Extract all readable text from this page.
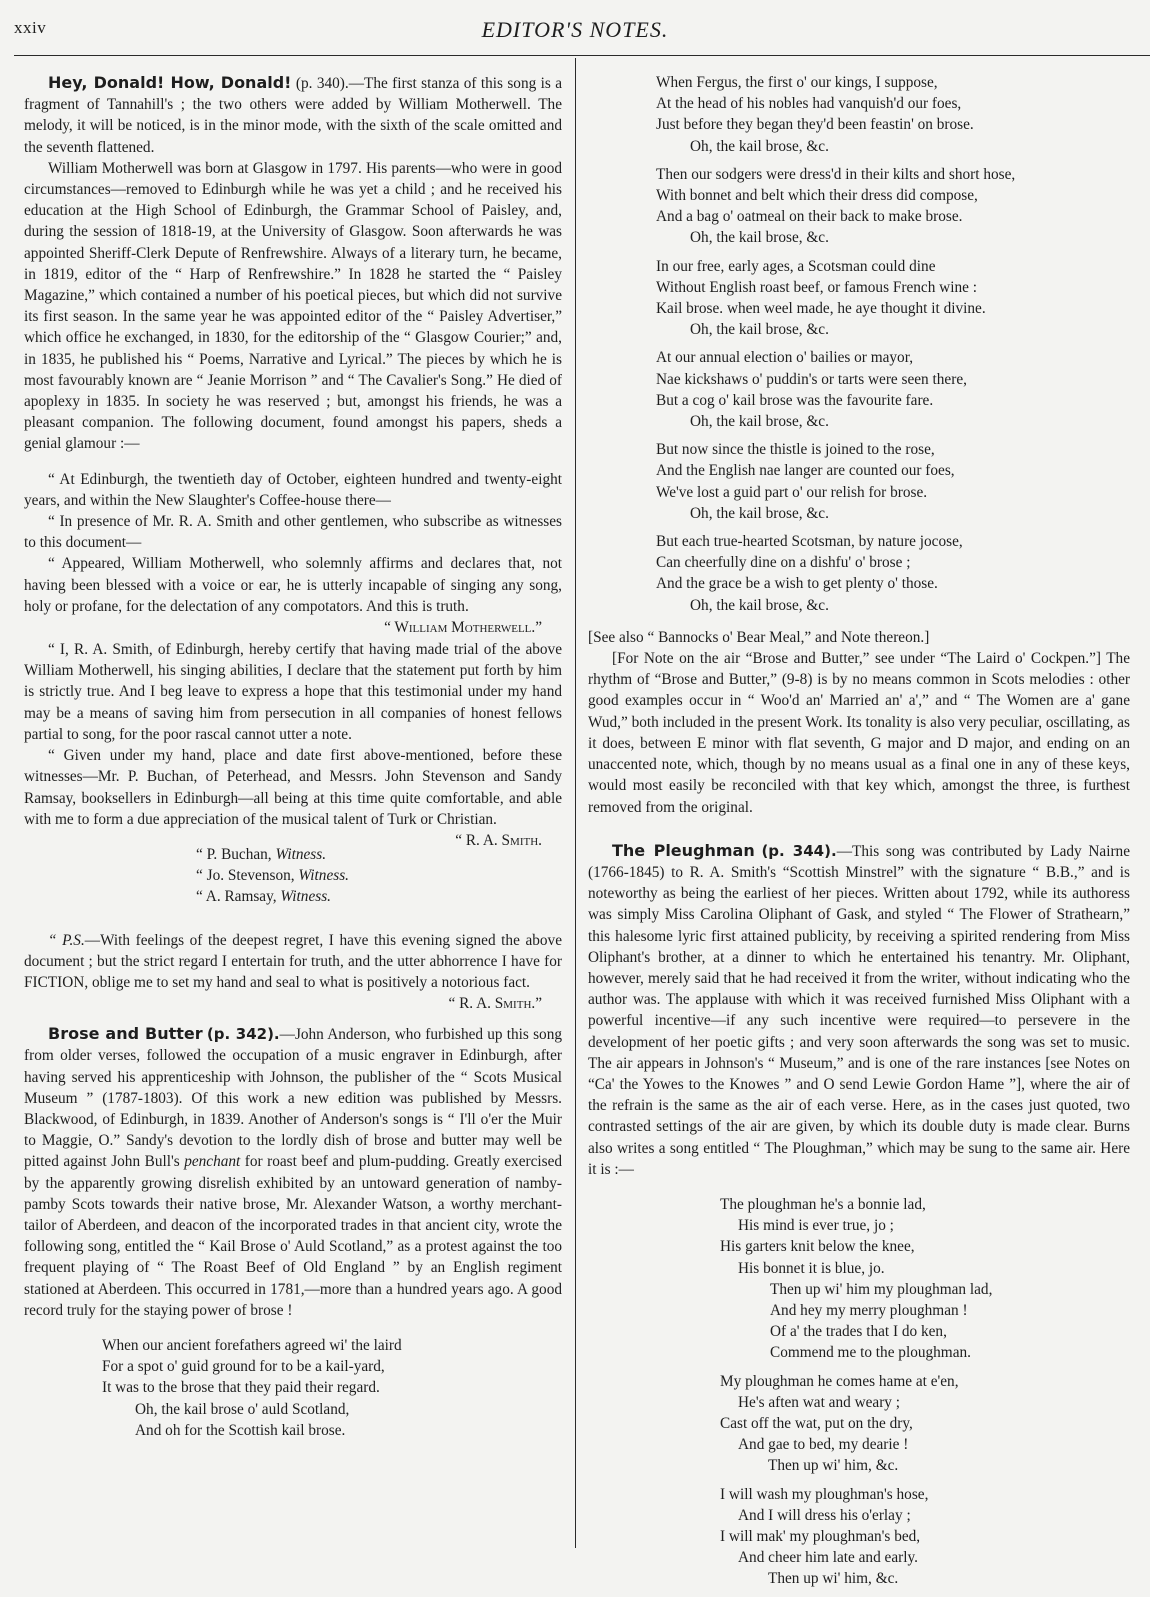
xxiv	EDITOR'S NOTES.

Hey, Donald! How, Donald! (p. 340).—The first stanza of this song is a fragment of Tannahill's ; the two others were added by William Motherwell. The melody, it will be noticed, is in the minor mode, with the sixth of the scale omitted and the seventh flattened.

William Motherwell was born at Glasgow in 1797. His parents—who were in good circumstances—removed to Edinburgh while he was yet a child ; and he received his education at the High School of Edinburgh, the Grammar School of Paisley, and, during the session of 1818-19, at the University of Glasgow. Soon afterwards he was appointed Sheriff-Clerk Depute of Renfrewshire. Always of a literary turn, he became, in 1819, editor of the “ Harp of Renfrewshire.” In 1828 he started the “ Paisley Magazine,” which contained a number of his poetical pieces, but which did not survive its first season. In the same year he was appointed editor of the “ Paisley Advertiser,” which office he exchanged, in 1830, for the editorship of the “ Glasgow Courier;” and, in 1835, he published his “ Poems, Narrative and Lyrical.” The pieces by which he is most favourably known are “ Jeanie Morrison ” and “ The Cavalier's Song.” He died of apoplexy in 1835. In society he was reserved ; but, amongst his friends, he was a pleasant companion. The following document, found amongst his papers, sheds a genial glamour :—

“ At Edinburgh, the twentieth day of October, eighteen hundred and twenty-eight years, and within the New Slaughter's Coffee-house there—

“ In presence of Mr. R. A. Smith and other gentlemen, who subscribe as witnesses to this document—

“ Appeared, William Motherwell, who solemnly affirms and declares that, not having been blessed with a voice or ear, he is utterly incapable of singing any song, holy or profane, for the delectation of any compotators. And this is truth.
“ William Motherwell.”

“ I, R. A. Smith, of Edinburgh, hereby certify that having made trial of the above William Motherwell, his singing abilities, I declare that the statement put forth by him is strictly true. And I beg leave to express a hope that this testimonial under my hand may be a means of saving him from persecution in all companies of honest fellows partial to song, for the poor rascal cannot utter a note.

“ Given under my hand, place and date first above-mentioned, before these witnesses—Mr. P. Buchan, of Peterhead, and Messrs. John Stevenson and Sandy Ramsay, booksellers in Edinburgh—all being at this time quite comfortable, and able with me to form a due appreciation of the musical talent of Turk or Christian.
“ R. A. Smith.

“ P. Buchan, Witness.

“ Jo. Stevenson, Witness.

“ A. Ramsay, Witness.

“ P.S.—With feelings of the deepest regret, I have this evening signed the above document ; but the strict regard I entertain for truth, and the utter abhorrence I have for FICTION, oblige me to set my hand and seal to what is positively a notorious fact.
“ R. A. Smith.”

Brose and Butter (p. 342).—John Anderson, who furbished up this song from older verses, followed the occupation of a music engraver in Edinburgh, after having served his apprenticeship with Johnson, the publisher of the “ Scots Musical Museum ” (1787-1803). Of this work a new edition was published by Messrs. Blackwood, of Edinburgh, in 1839. Another of Anderson's songs is “ I'll o'er the Muir to Maggie, O.” Sandy's devotion to the lordly dish of brose and butter may well be pitted against John Bull's penchant for roast beef and plum-pudding. Greatly exercised by the apparently growing disrelish exhibited by an untoward generation of namby-pamby Scots towards their native brose, Mr. Alexander Watson, a worthy merchant-tailor of Aberdeen, and deacon of the incorporated trades in that ancient city, wrote the following song, entitled the “ Kail Brose o' Auld Scotland,” as a protest against the too frequent playing of “ The Roast Beef of Old England ” by an English regiment stationed at Aberdeen. This occurred in 1781,—more than a hundred years ago. A good record truly for the staying power of brose !

When our ancient forefathers agreed wi' the laird
For a spot o' guid ground for to be a kail-yard,
It was to the brose that they paid their regard.
Oh, the kail brose o' auld Scotland,
And oh for the Scottish kail brose.
When Fergus, the first o' our kings, I suppose,
At the head of his nobles had vanquish'd our foes,
Just before they began they'd been feastin' on brose.
Oh, the kail brose, &c.
Then our sodgers were dress'd in their kilts and short hose,
With bonnet and belt which their dress did compose,
And a bag o' oatmeal on their back to make brose.
Oh, the kail brose, &c.
In our free, early ages, a Scotsman could dine
Without English roast beef, or famous French wine :
Kail brose. when weel made, he aye thought it divine.
Oh, the kail brose, &c.
At our annual election o' bailies or mayor,
Nae kickshaws o' puddin's or tarts were seen there,
But a cog o' kail brose was the favourite fare.
Oh, the kail brose, &c.
But now since the thistle is joined to the rose,
And the English nae langer are counted our foes,
We've lost a guid part o' our relish for brose.
Oh, the kail brose, &c.
But each true-hearted Scotsman, by nature jocose,
Can cheerfully dine on a dishfu' o' brose ;
And the grace be a wish to get plenty o' those.
Oh, the kail brose, &c.

[See also “ Bannocks o' Bear Meal,” and Note thereon.]

[For Note on the air “Brose and Butter,” see under “The Laird o' Cockpen.”] The rhythm of “Brose and Butter,” (9-8) is by no means common in Scots melodies : other good examples occur in “ Woo'd an' Married an' a',” and “ The Women are a' gane Wud,” both included in the present Work. Its tonality is also very peculiar, oscillating, as it does, between E minor with flat seventh, G major and D major, and ending on an unaccented note, which, though by no means usual as a final one in any of these keys, would most easily be reconciled with that key which, amongst the three, is furthest removed from the original.

The Pleughman (p. 344).—This song was contributed by Lady Nairne (1766-1845) to R. A. Smith's “Scottish Minstrel” with the signature “ B.B.,” and is noteworthy as being the earliest of her pieces. Written about 1792, while its authoress was simply Miss Carolina Oliphant of Gask, and styled “ The Flower of Strathearn,” this halesome lyric first attained publicity, by receiving a spirited rendering from Miss Oliphant's brother, at a dinner to which he entertained his tenantry. Mr. Oliphant, however, merely said that he had received it from the writer, without indicating who the author was. The applause with which it was received furnished Miss Oliphant with a powerful incentive—if any such incentive were required—to persevere in the development of her poetic gifts ; and very soon afterwards the song was set to music. The air appears in Johnson's “ Museum,” and is one of the rare instances [see Notes on “Ca' the Yowes to the Knowes ” and O send Lewie Gordon Hame ”], where the air of the refrain is the same as the air of each verse. Here, as in the cases just quoted, two contrasted settings of the air are given, by which its double duty is made clear. Burns also writes a song entitled “ The Ploughman,” which may be sung to the same air. Here it is :—

The ploughman he's a bonnie lad,
His mind is ever true, jo ;
His garters knit below the knee,
His bonnet it is blue, jo.
Then up wi' him my ploughman lad,
And hey my merry ploughman !
Of a' the trades that I do ken,
Commend me to the ploughman.
My ploughman he comes hame at e'en,
He's aften wat and weary ;
Cast off the wat, put on the dry,
And gae to bed, my dearie !
Then up wi' him, &c.
I will wash my ploughman's hose,
And I will dress his o'erlay ;
I will mak' my ploughman's bed,
And cheer him late and early.
Then up wi' him, &c.
